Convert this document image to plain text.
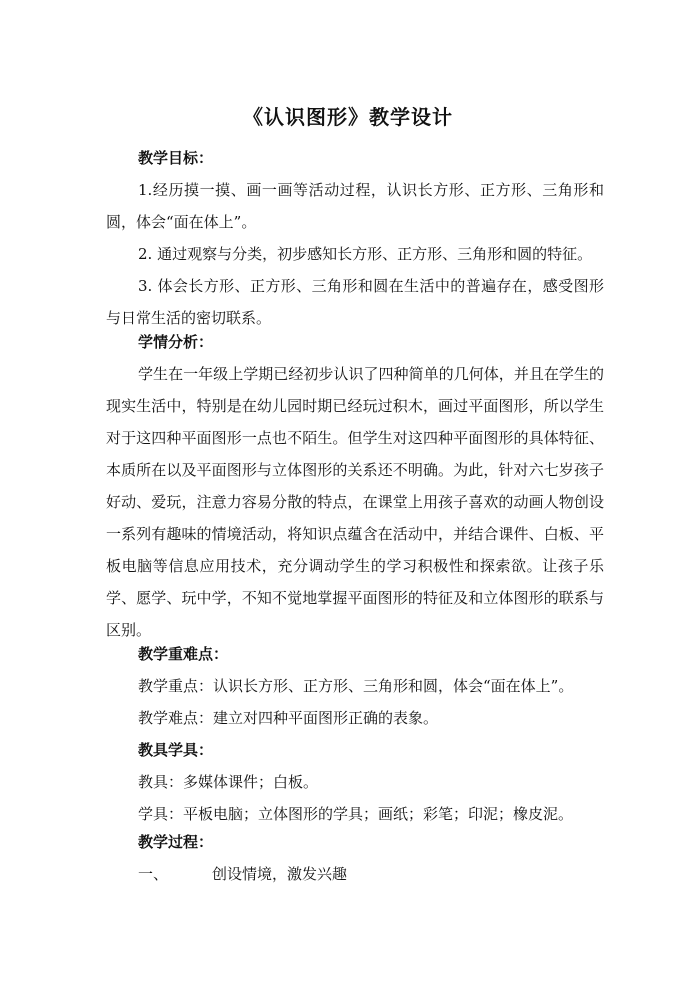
《认识图形》教学设计
教学目标：
1.经历摸一摸、画一画等活动过程，认识长方形、正方形、三角形和圆，体会“面在体上”。
2. 通过观察与分类，初步感知长方形、正方形、三角形和圆的特征。
3. 体会长方形、正方形、三角形和圆在生活中的普遍存在，感受图形与日常生活的密切联系。
学情分析：
学生在一年级上学期已经初步认识了四种简单的几何体，并且在学生的现实生活中，特别是在幼儿园时期已经玩过积木，画过平面图形，所以学生对于这四种平面图形一点也不陌生。但学生对这四种平面图形的具体特征、本质所在以及平面图形与立体图形的关系还不明确。为此，针对六七岁孩子好动、爱玩，注意力容易分散的特点，在课堂上用孩子喜欢的动画人物创设一系列有趣味的情境活动，将知识点蕴含在活动中，并结合课件、白板、平板电脑等信息应用技术，充分调动学生的学习积极性和探索欲。让孩子乐学、愿学、玩中学，不知不觉地掌握平面图形的特征及和立体图形的联系与区别。
教学重难点：
教学重点：认识长方形、正方形、三角形和圆，体会“面在体上”。
教学难点：建立对四种平面图形正确的表象。
教具学具：
教具：多媒体课件；白板。
学具：平板电脑；立体图形的学具；画纸；彩笔；印泥；橡皮泥。
教学过程：
一、	创设情境，激发兴趣
